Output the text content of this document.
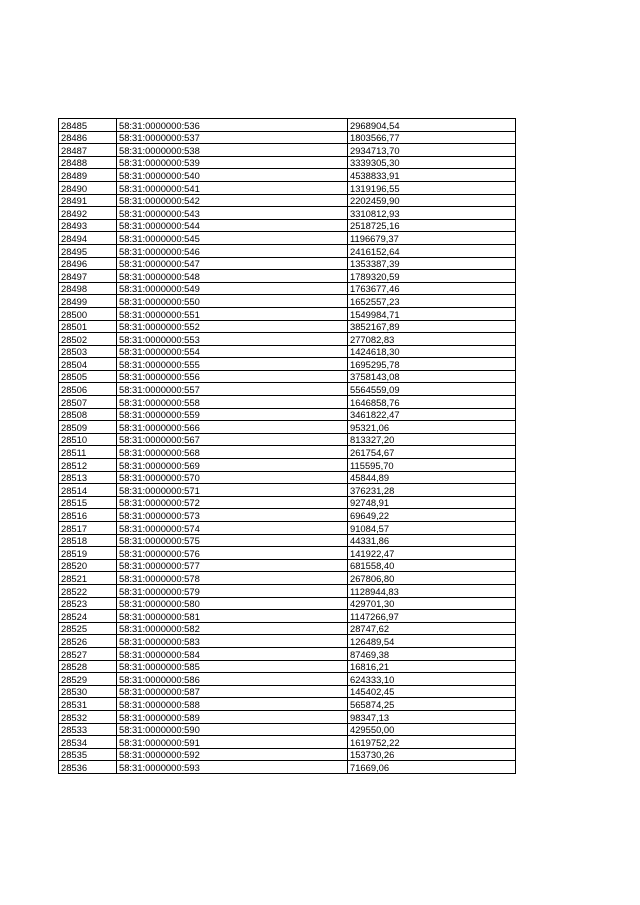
28485	58:31:0000000:536	2968904,54
28486	58:31:0000000:537	1803566,77
28487	58:31:0000000:538	2934713,70
28488	58:31:0000000:539	3339305,30
28489	58:31:0000000:540	4538833,91
28490	58:31:0000000:541	1319196,55
28491	58:31:0000000:542	2202459,90
28492	58:31:0000000:543	3310812,93
28493	58:31:0000000:544	2518725,16
28494	58:31:0000000:545	1196679,37
28495	58:31:0000000:546	2416152,64
28496	58:31:0000000:547	1353387,39
28497	58:31:0000000:548	1789320,59
28498	58:31:0000000:549	1763677,46
28499	58:31:0000000:550	1652557,23
28500	58:31:0000000:551	1549984,71
28501	58:31:0000000:552	3852167,89
28502	58:31:0000000:553	277082,83
28503	58:31:0000000:554	1424618,30
28504	58:31:0000000:555	1695295,78
28505	58:31:0000000:556	3758143,08
28506	58:31:0000000:557	5564559,09
28507	58:31:0000000:558	1646858,76
28508	58:31:0000000:559	3461822,47
28509	58:31:0000000:566	95321,06
28510	58:31:0000000:567	813327,20
28511	58:31:0000000:568	261754,67
28512	58:31:0000000:569	115595,70
28513	58:31:0000000:570	45844,89
28514	58:31:0000000:571	376231,28
28515	58:31:0000000:572	92748,91
28516	58:31:0000000:573	69649,22
28517	58:31:0000000:574	91084,57
28518	58:31:0000000:575	44331,86
28519	58:31:0000000:576	141922,47
28520	58:31:0000000:577	681558,40
28521	58:31:0000000:578	267806,80
28522	58:31:0000000:579	1128944,83
28523	58:31:0000000:580	429701,30
28524	58:31:0000000:581	1147266,97
28525	58:31:0000000:582	28747,62
28526	58:31:0000000:583	126489,54
28527	58:31:0000000:584	87469,38
28528	58:31:0000000:585	16816,21
28529	58:31:0000000:586	624333,10
28530	58:31:0000000:587	145402,45
28531	58:31:0000000:588	565874,25
28532	58:31:0000000:589	98347,13
28533	58:31:0000000:590	429550,00
28534	58:31:0000000:591	1619752,22
28535	58:31:0000000:592	153730,26
28536	58:31:0000000:593	71669,06
